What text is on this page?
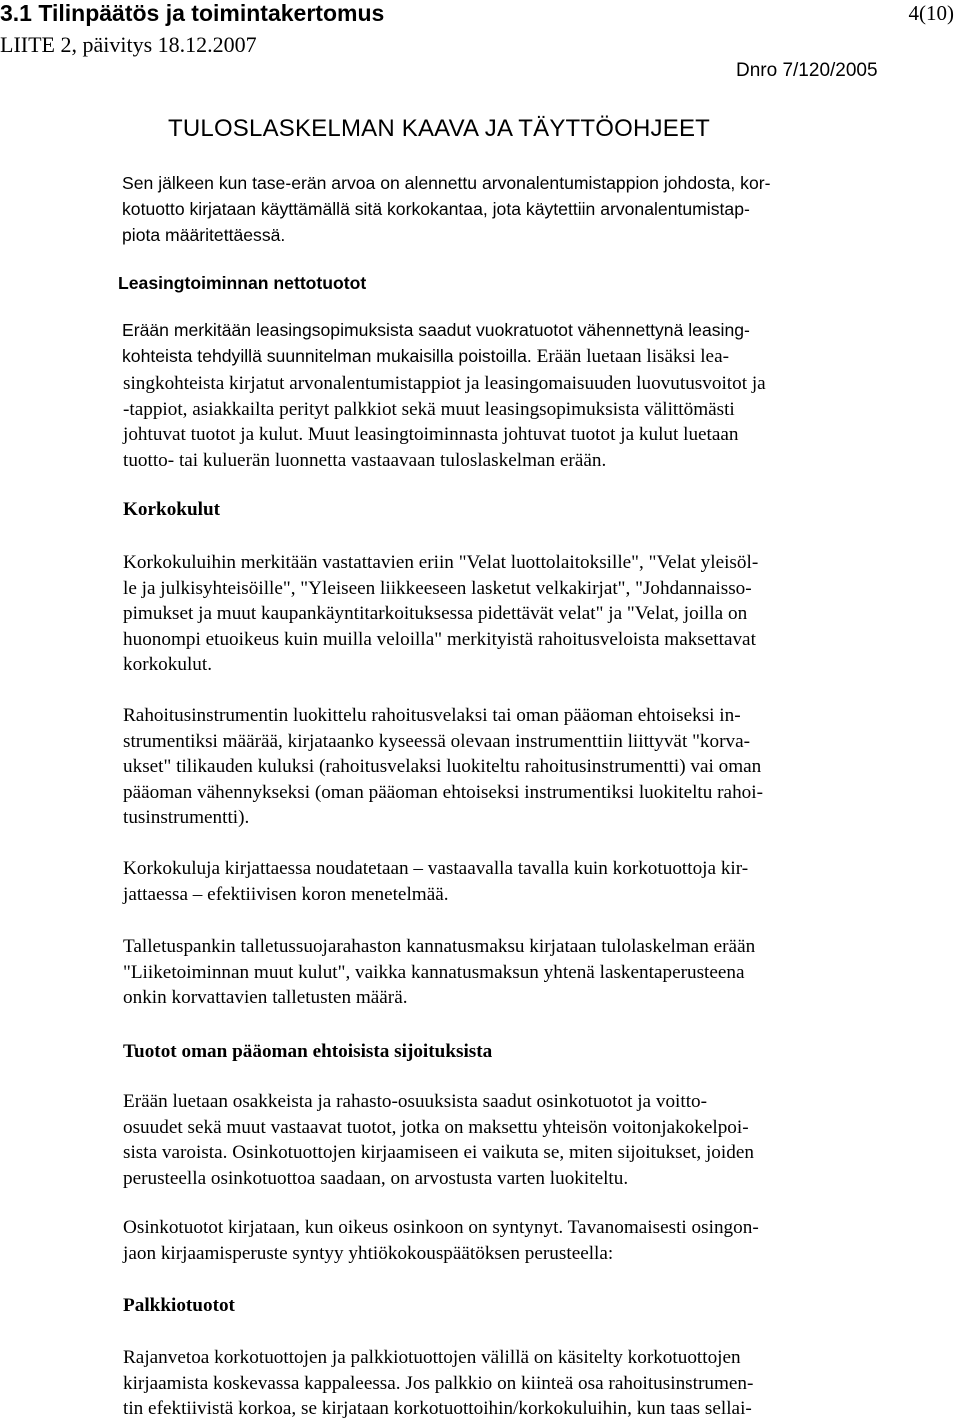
3.1 Tilinpäätös ja toimintakertomus	4(10)
LIITE 2, päivitys 18.12.2007
Dnro 7/120/2005
TULOSLASKELMAN KAAVA JA TÄYTTÖOHJEET
Sen jälkeen kun tase-erän arvoa on alennettu arvonalentumistappion johdosta, kor-
kotuotto kirjataan käyttämällä sitä korkokantaa, jota käytettiin arvonalentumistap-
piota määritettäessä.
Leasingtoiminnan nettotuotot
Erään merkitään leasingsopimuksista saadut vuokratuotot vähennettynä leasing-
kohteista tehdyillä suunnitelman mukaisilla poistoilla. Erään luetaan lisäksi lea-
singkohteista kirjatut arvonalentumistappiot ja leasingomaisuuden luovutusvoitot ja
-tappiot, asiakkailta perityt palkkiot sekä muut leasingsopimuksista välittömästi
johtuvat tuotot ja kulut. Muut leasingtoiminnasta johtuvat tuotot ja kulut luetaan
tuotto- tai kuluerän luonnetta vastaavaan tuloslaskelman erään.
Korkokulut
Korkokuluihin merkitään vastattavien eriin "Velat luottolaitoksille", "Velat yleisöl-
le ja julkisyhteisöille", "Yleiseen liikkeeseen lasketut velkakirjat", "Johdannaisso-
pimukset ja muut kaupankäyntitarkoituksessa pidettävät velat" ja "Velat, joilla on
huonompi etuoikeus kuin muilla veloilla" merkityistä rahoitusveloista maksettavat
korkokulut.
Rahoitusinstrumentin luokittelu rahoitusvelaksi tai oman pääoman ehtoiseksi in-
strumentiksi määrää, kirjataanko kyseessä olevaan instrumenttiin liittyvät "korva-
ukset" tilikauden kuluksi (rahoitusvelaksi luokiteltu rahoitusinstrumentti) vai oman
pääoman vähennykseksi (oman pääoman ehtoiseksi instrumentiksi luokiteltu rahoi-
tusinstrumentti).
Korkokuluja kirjattaessa noudatetaan – vastaavalla tavalla kuin korkotuottoja kir-
jattaessa – efektiivisen koron menetelmää.
Talletuspankin talletussuojarahaston kannatusmaksu kirjataan tulolaskelman erään
"Liiketoiminnan muut kulut", vaikka kannatusmaksun yhtenä laskentaperusteena
onkin korvattavien talletusten määrä.
Tuotot oman pääoman ehtoisista sijoituksista
Erään luetaan osakkeista ja rahasto-osuuksista saadut osinkotuotot ja voitto-
osuudet sekä muut vastaavat tuotot, jotka on maksettu yhteisön voitonjakokelpoi-
sista varoista. Osinkotuottojen kirjaamiseen ei vaikuta se, miten sijoitukset, joiden
perusteella osinkotuottoa saadaan, on arvostusta varten luokiteltu.
Osinkotuotot kirjataan, kun oikeus osinkoon on syntynyt. Tavanomaisesti osingon-
jaon kirjaamisperuste syntyy yhtiökokouspäätöksen perusteella:
Palkkiotuotot
Rajanvetoa korkotuottojen ja palkkiotuottojen välillä on käsitelty korkotuottojen
kirjaamista koskevassa kappaleessa. Jos palkkio on kiinteä osa rahoitusinstrumen-
tin efektiivistä korkoa, se kirjataan korkotuottoihin/korkokuluihin, kun taas sellai-
